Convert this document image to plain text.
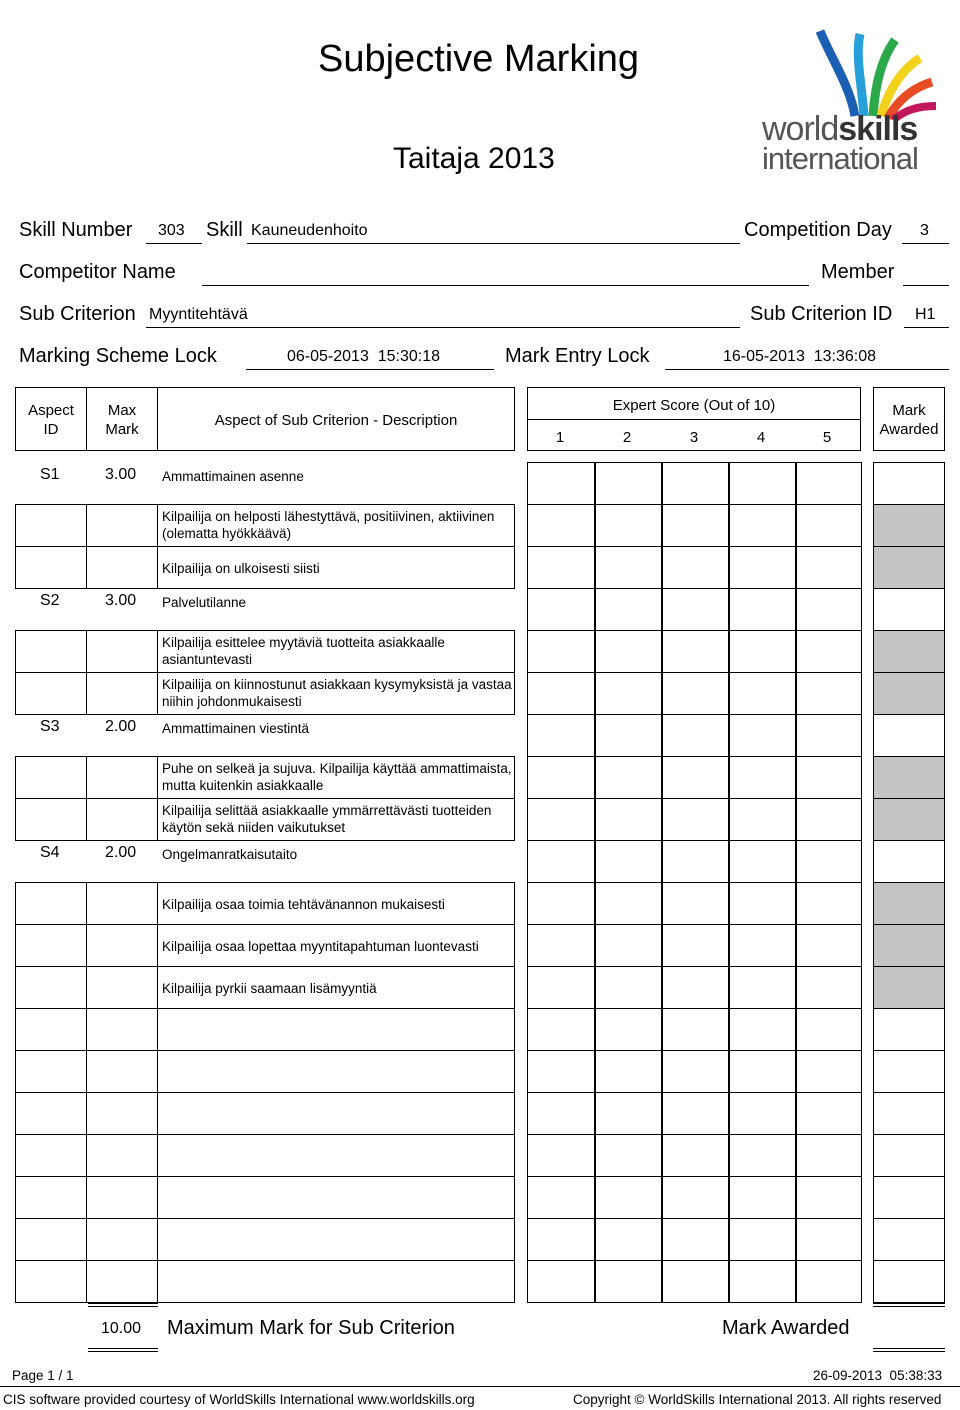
Subjective Marking
Taitaja 2013
worldskills
international
Skill Number 303 Skill Kauneudenhoito	Competition Day 3
Competitor Name	Member
Sub Criterion Myyntitehtävä	Sub Criterion ID H1
Marking Scheme Lock	06-05-2013  15:30:18	Mark Entry Lock	16-05-2013  13:36:08
Aspect ID
Max Mark
Aspect of Sub Criterion - Description
Expert Score (Out of 10)
1	2	3	4	5
Mark Awarded
S1	3.00 Ammattimainen asenne
Kilpailija on helposti lähestyttävä, positiivinen, aktiivinen (olematta hyökkäävä)
Kilpailija on ulkoisesti siisti
S2	3.00 Palvelutilanne
Kilpailija esittelee myytäviä tuotteita asiakkaalle asiantuntevasti
Kilpailija on kiinnostunut asiakkaan kysymyksistä ja vastaa niihin johdonmukaisesti
S3	2.00 Ammattimainen viestintä
Puhe on selkeä ja sujuva. Kilpailija käyttää ammattimaista, mutta kuitenkin asiakkaalle
Kilpailija selittää asiakkaalle ymmärrettävästi tuotteiden käytön sekä niiden vaikutukset
S4	2.00 Ongelmanratkaisutaito
Kilpailija osaa toimia tehtävänannon mukaisesti
Kilpailija osaa lopettaa myyntitapahtuman luontevasti
Kilpailija pyrkii saamaan lisämyyntiä
10.00 Maximum Mark for Sub Criterion	Mark Awarded
Page 1 / 1	26-09-2013  05:38:33
CIS software provided courtesy of WorldSkills International www.worldskills.org	Copyright © WorldSkills International 2013. All rights reserved
